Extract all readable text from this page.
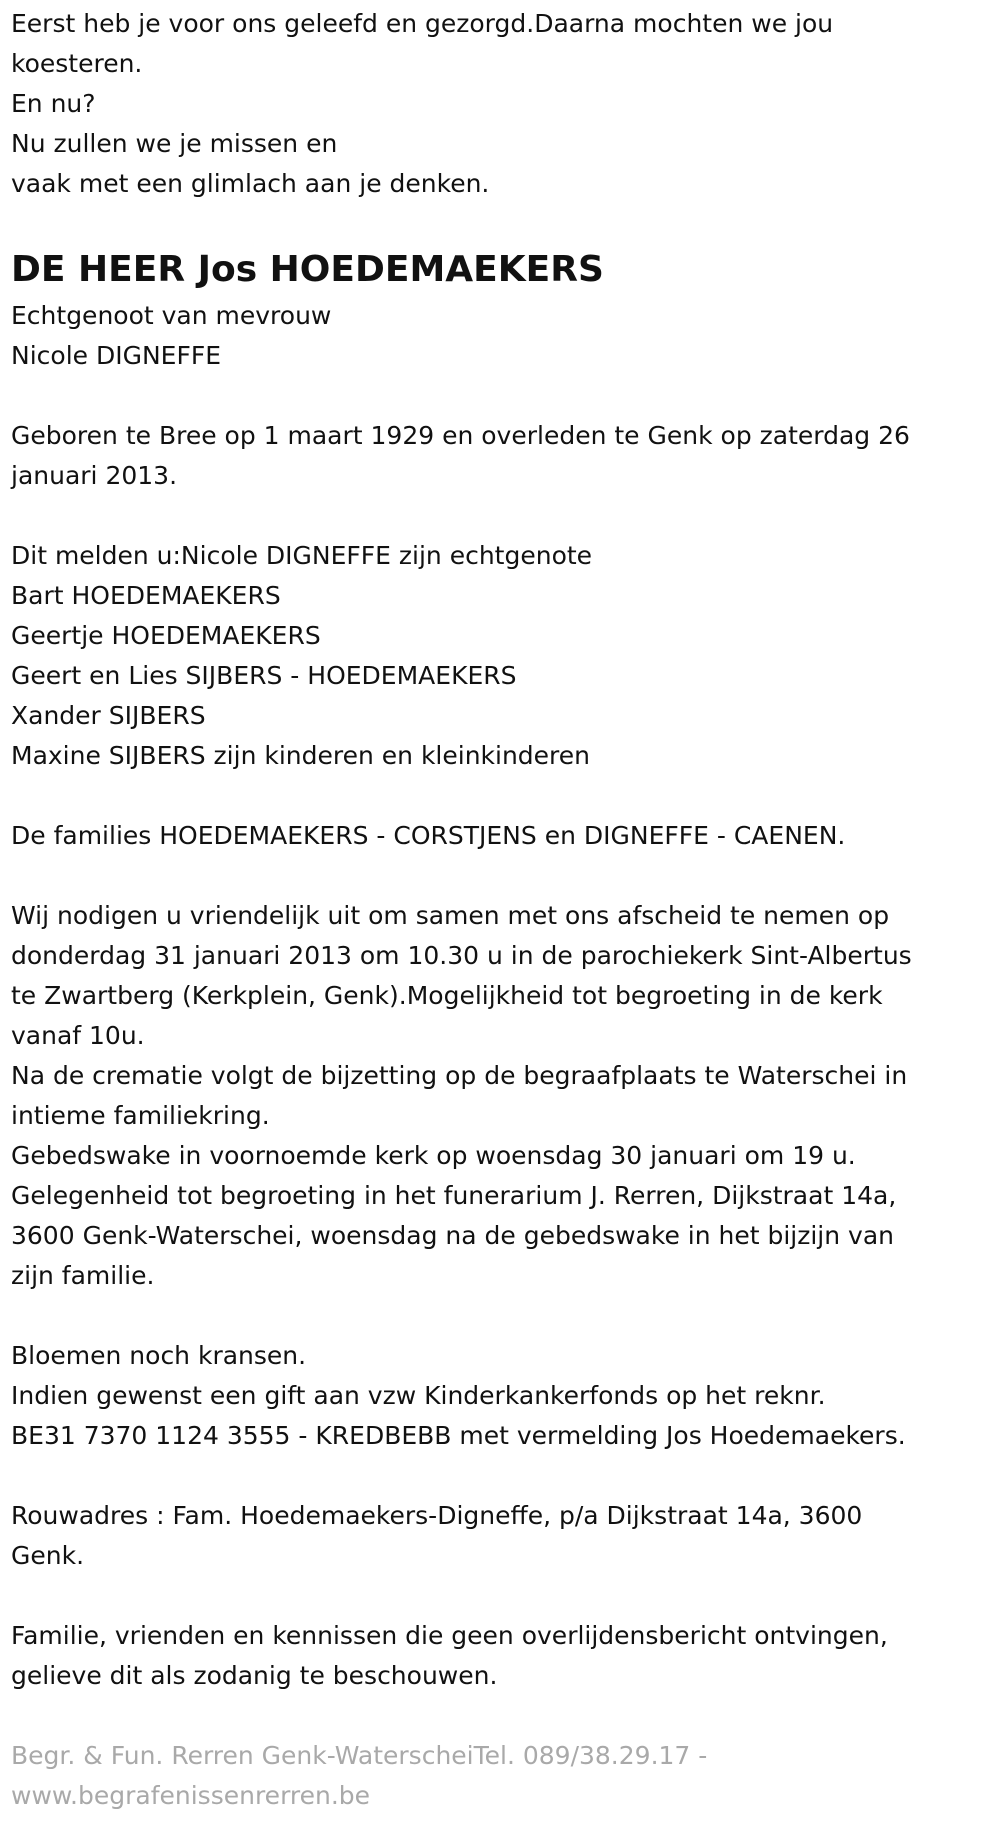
Eerst heb je voor ons geleefd en gezorgd.Daarna mochten we jou

koesteren.

En nu?

Nu zullen we je missen en

vaak met een glimlach aan je denken.

DE HEER Jos HOEDEMAEKERS

Echtgenoot van mevrouw

Nicole DIGNEFFE

Geboren te Bree op 1 maart 1929 en overleden te Genk op zaterdag 26

januari 2013.

Dit melden u:Nicole DIGNEFFE zijn echtgenote

Bart HOEDEMAEKERS

Geertje HOEDEMAEKERS

Geert en Lies SIJBERS - HOEDEMAEKERS

Xander SIJBERS

Maxine SIJBERS zijn kinderen en kleinkinderen

De families HOEDEMAEKERS - CORSTJENS en DIGNEFFE - CAENEN.

Wij nodigen u vriendelijk uit om samen met ons afscheid te nemen op

donderdag 31 januari 2013 om 10.30 u in de parochiekerk Sint-Albertus

te Zwartberg (Kerkplein, Genk).Mogelijkheid tot begroeting in de kerk

vanaf 10u.

Na de crematie volgt de bijzetting op de begraafplaats te Waterschei in

intieme familiekring.

Gebedswake in voornoemde kerk op woensdag 30 januari om 19 u.

Gelegenheid tot begroeting in het funerarium J. Rerren, Dijkstraat 14a,

3600 Genk-Waterschei, woensdag na de gebedswake in het bijzijn van

zijn familie.

Bloemen noch kransen.

Indien gewenst een gift aan vzw Kinderkankerfonds op het reknr.

BE31 7370 1124 3555 - KREDBEBB met vermelding Jos Hoedemaekers.

Rouwadres : Fam. Hoedemaekers-Digneffe, p/a Dijkstraat 14a, 3600

Genk.

Familie, vrienden en kennissen die geen overlijdensbericht ontvingen,

gelieve dit als zodanig te beschouwen.

Begr. & Fun. Rerren Genk-WaterscheiTel. 089/38.29.17 -

www.begrafenissenrerren.be
